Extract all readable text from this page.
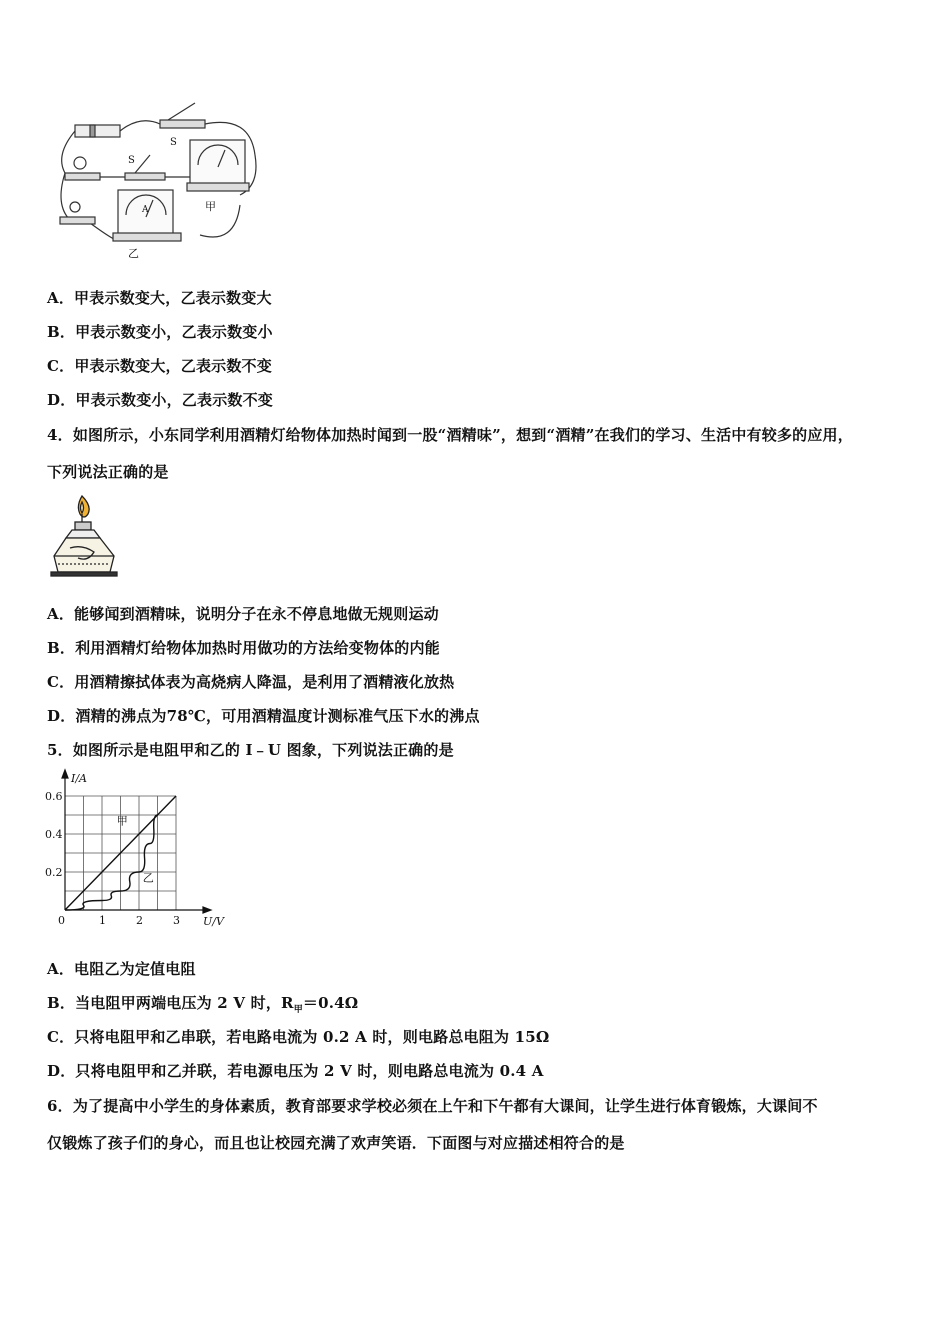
S
S
A	甲
乙
A．甲表示数变大，乙表示数变大
B．甲表示数变小，乙表示数变小
C．甲表示数变大，乙表示数不变
D．甲表示数变小，乙表示数不变
4．如图所示，小东同学利用酒精灯给物体加热时闻到一股“酒精味”，想到“酒精”在我们的学习、生活中有较多的应用，
下列说法正确的是
A．能够闻到酒精味，说明分子在永不停息地做无规则运动
B．利用酒精灯给物体加热时用做功的方法给变物体的内能
C．用酒精擦拭体表为高烧病人降温，是利用了酒精液化放热
D．酒精的沸点为78℃，可用酒精温度计测标准气压下水的沸点
5．如图所示是电阻甲和乙的 I﹣U 图象，下列说法正确的是
甲
乙
0	1	2	3
0.2
0.4
0.6
U/V
I/A
A．电阻乙为定值电阻
B．当电阻甲两端电压为 2 V 时，$R_甲=0.4\Omega$
C．只将电阻甲和乙串联，若电路电流为 0.2 A 时，则电路总电阻为 15Ω
D．只将电阻甲和乙并联，若电源电压为 2 V 时，则电路总电流为 0.4 A
6．为了提高中小学生的身体素质，教育部要求学校必须在上午和下午都有大课间，让学生进行体育锻炼，大课间不
仅锻炼了孩子们的身心，而且也让校园充满了欢声笑语．下面图与对应描述相符合的是
